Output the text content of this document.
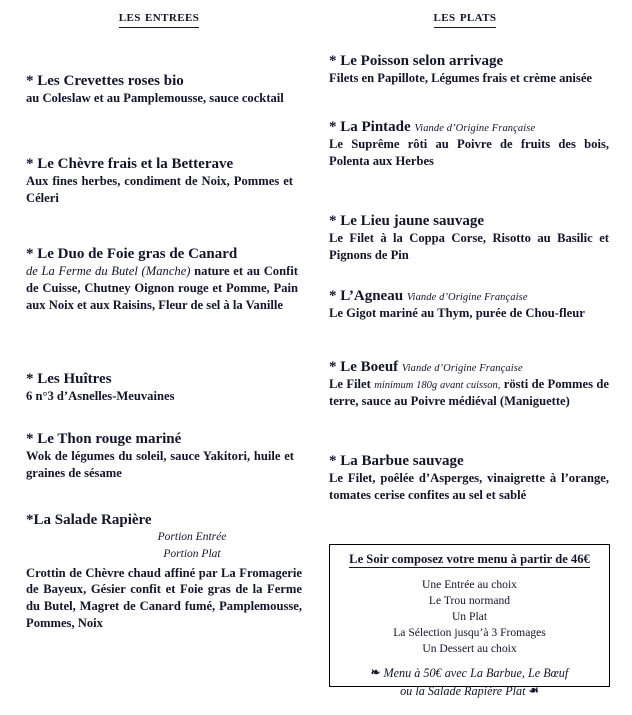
les entrees
* Les Crevettes roses bio
au Coleslaw et au Pamplemousse, sauce cocktail
* Le Chèvre frais et la Betterave
Aux fines herbes, condiment de Noix, Pommes et Céleri
* Le Duo de Foie gras de Canard
de La Ferme du Butel (Manche) nature et au Confit de Cuisse, Chutney Oignon rouge et Pomme, Pain aux Noix et aux Raisins, Fleur de sel à la Vanille
* Les Huîtres
6 n°3 d’Asnelles-Meuvaines
* Le Thon rouge mariné
Wok de légumes du soleil, sauce Yakitori, huile et graines de sésame
*La Salade Rapière
Portion Entrée
Portion Plat
Crottin de Chèvre chaud affiné par La Fromagerie de Bayeux, Gésier confit et Foie gras de la Ferme du Butel, Magret de Canard fumé, Pamplemousse, Pommes, Noix
les plats
* Le Poisson selon arrivage
Filets en Papillote, Légumes frais et crème anisée
* La Pintade Viande d’Origine Française
Le Suprême rôti au Poivre de fruits des bois, Polenta aux Herbes
* Le Lieu jaune sauvage
Le Filet à la Coppa Corse, Risotto au Basilic et Pignons de Pin
* L’Agneau Viande d’Origine Française
Le Gigot mariné au Thym, purée de Chou-fleur
* Le Boeuf Viande d’Origine Française
Le Filet minimum 180g avant cuisson, rösti de Pommes de terre, sauce au Poivre médiéval (Maniguette)
* La Barbue sauvage
Le Filet, poêlée d’Asperges, vinaigrette à l’orange, tomates cerise confites au sel et sablé
Le Soir composez votre menu à partir de 46€
Une Entrée au choix
Le Trou normand
Un Plat
La Sélection jusqu’à 3 Fromages
Un Dessert au choix
❧ Menu à 50€ avec La Barbue, Le Bœuf
ou la Salade Rapière Plat ☙
